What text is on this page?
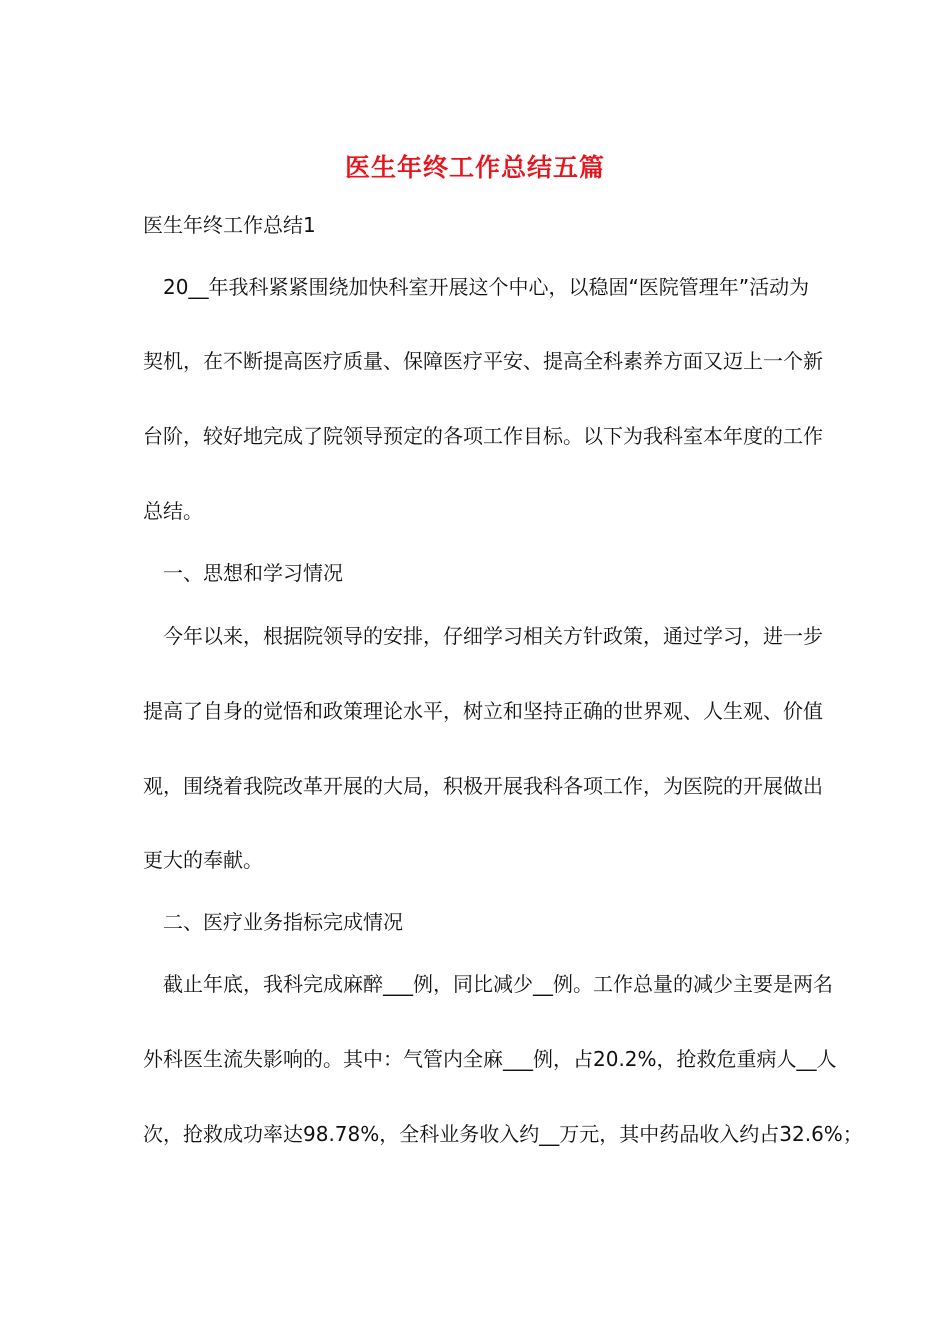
医生年终工作总结五篇
医生年终工作总结1
20__年我科紧紧围绕加快科室开展这个中心，以稳固“医院管理年”活动为
契机，在不断提高医疗质量、保障医疗平安、提高全科素养方面又迈上一个新
台阶，较好地完成了院领导预定的各项工作目标。以下为我科室本年度的工作
总结。
一、思想和学习情况
今年以来，根据院领导的安排，仔细学习相关方针政策，通过学习，进一步
提高了自身的觉悟和政策理论水平，树立和坚持正确的世界观、人生观、价值
观，围绕着我院改革开展的大局，积极开展我科各项工作，为医院的开展做出
更大的奉献。
二、医疗业务指标完成情况
截止年底，我科完成麻醉___例，同比减少__例。工作总量的减少主要是两名
外科医生流失影响的。其中：气管内全麻___例，占20.2%，抢救危重病人__人
次，抢救成功率达98.78%，全科业务收入约__万元，其中药品收入约占32.6%；
